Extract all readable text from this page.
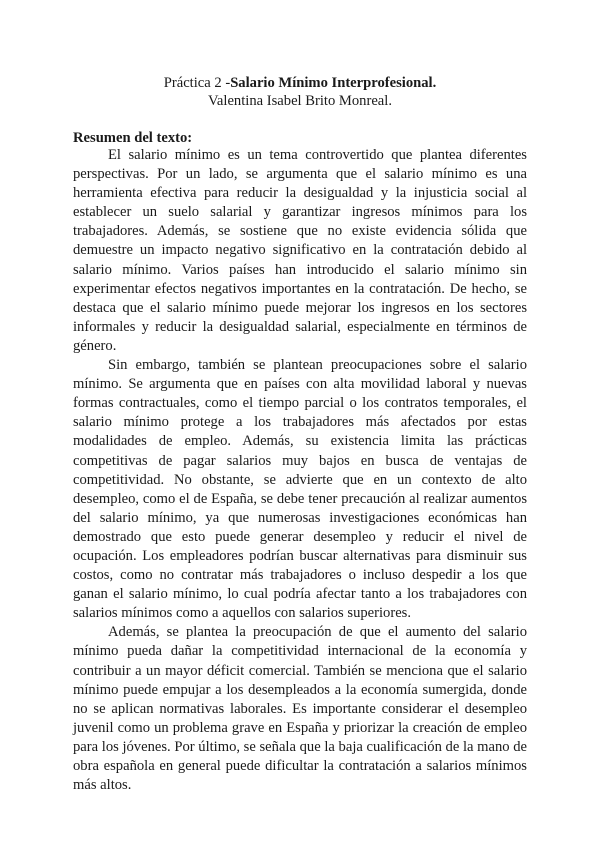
Práctica 2 -Salario Mínimo Interprofesional.
Valentina Isabel Brito Monreal.
Resumen del texto:

El salario mínimo es un tema controvertido que plantea diferentes perspectivas. Por un lado, se argumenta que el salario mínimo es una herramienta efectiva para reducir la desigualdad y la injusticia social al establecer un suelo salarial y garantizar ingresos mínimos para los trabajadores. Además, se sostiene que no existe evidencia sólida que demuestre un impacto negativo significativo en la contratación debido al salario mínimo. Varios países han introducido el salario mínimo sin experimentar efectos negativos importantes en la contratación. De hecho, se destaca que el salario mínimo puede mejorar los ingresos en los sectores informales y reducir la desigualdad salarial, especialmente en términos de género.

Sin embargo, también se plantean preocupaciones sobre el salario mínimo. Se argumenta que en países con alta movilidad laboral y nuevas formas contractuales, como el tiempo parcial o los contratos temporales, el salario mínimo protege a los trabajadores más afectados por estas modalidades de empleo. Además, su existencia limita las prácticas competitivas de pagar salarios muy bajos en busca de ventajas de competitividad. No obstante, se advierte que en un contexto de alto desempleo, como el de España, se debe tener precaución al realizar aumentos del salario mínimo, ya que numerosas investigaciones económicas han demostrado que esto puede generar desempleo y reducir el nivel de ocupación. Los empleadores podrían buscar alternativas para disminuir sus costos, como no contratar más trabajadores o incluso despedir a los que ganan el salario mínimo, lo cual podría afectar tanto a los trabajadores con salarios mínimos como a aquellos con salarios superiores.

Además, se plantea la preocupación de que el aumento del salario mínimo pueda dañar la competitividad internacional de la economía y contribuir a un mayor déficit comercial. También se menciona que el salario mínimo puede empujar a los desempleados a la economía sumergida, donde no se aplican normativas laborales. Es importante considerar el desempleo juvenil como un problema grave en España y priorizar la creación de empleo para los jóvenes. Por último, se señala que la baja cualificación de la mano de obra española en general puede dificultar la contratación a salarios mínimos más altos.
